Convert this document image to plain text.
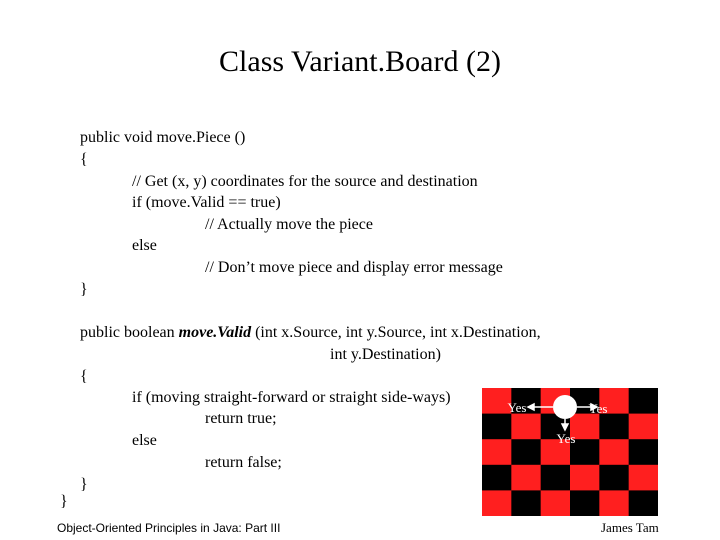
Class Variant.Board (2)
public void move.Piece ()
{
// Get (x, y) coordinates for the source and destination
if (move.Valid == true)
// Actually move the piece
else
// Don’t move piece and display error message
}
public boolean move.Valid (int x.Source, int y.Source, int x.Destination,
int y.Destination)
{
if (moving straight-forward or straight side-ways)
return true;
else
return false;
}
}
Yes	Yes
Yes
Object-Oriented Principles in Java: Part III	James Tam
